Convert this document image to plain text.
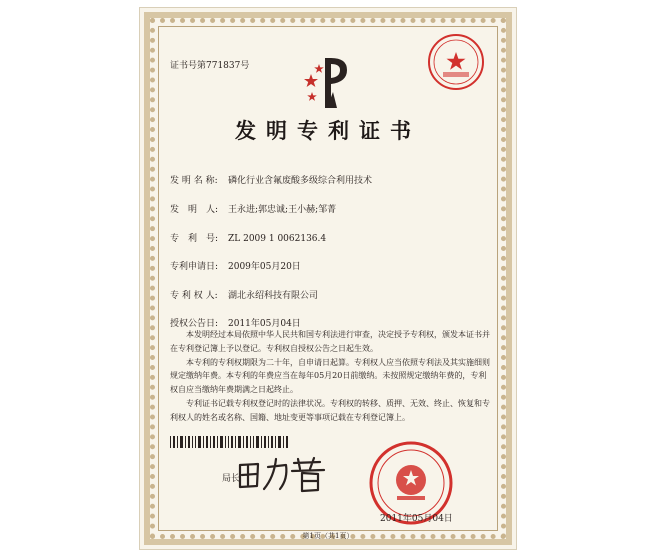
证书号第771837号
发明专利证书
发 明 名 称: 磷化行业含氟废酸多级综合利用技术
发　明　人: 王永进;郭忠诚;王小赫;邹菁
专　利　号: ZL 2009 1 0062136.4
专利申请日: 2009年05月20日
专 利 权 人: 湖北永绍科技有限公司
授权公告日: 2011年05月04日

本发明经过本局依照中华人民共和国专利法进行审查，决定授予专利权，颁发本证书并在专利登记簿上予以登记。专利权自授权公告之日起生效。

本专利的专利权期限为二十年，自申请日起算。专利权人应当依照专利法及其实施细则规定缴纳年费。本专利的年费应当在每年05月20日前缴纳。未按照规定缴纳年费的，专利权自应当缴纳年费期满之日起终止。

专利证书记载专利权登记时的法律状况。专利权的转移、质押、无效、终止、恢复和专利权人的姓名或名称、国籍、地址变更等事项记载在专利登记簿上。

局长
2011年05月04日
第1页（共1页）
